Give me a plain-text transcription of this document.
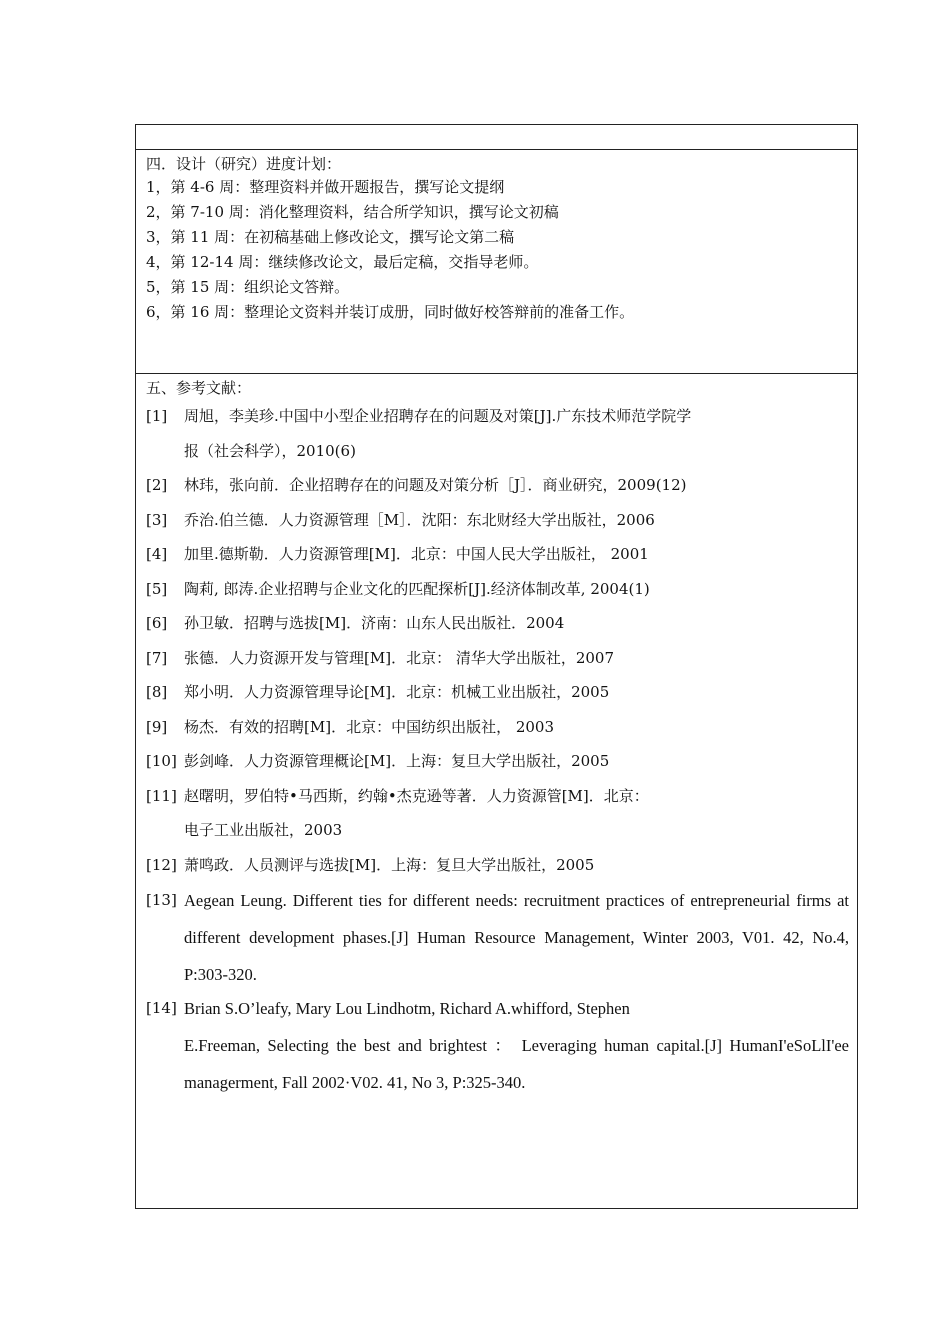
四．设计（研究）进度计划：
1，第 4-6 周：整理资料并做开题报告，撰写论文提纲
2，第 7-10 周：消化整理资料，结合所学知识，撰写论文初稿
3，第 11 周：在初稿基础上修改论文，撰写论文第二稿
4，第 12-14 周：继续修改论文，最后定稿，交指导老师。
5，第 15 周：组织论文答辩。
6，第 16 周：整理论文资料并装订成册，同时做好校答辩前的准备工作。
五、参考文献：
[1]	周旭，李美珍.中国中小型企业招聘存在的问题及对策[J].广东技术师范学院学
报（社会科学），2010(6)
[2]	林玮，张向前．企业招聘存在的问题及对策分析［J］．商业研究，2009(12)
[3]	乔治.伯兰德．人力资源管理［M］．沈阳：东北财经大学出版社，2006
[4]	加里.德斯勒．人力资源管理[M]．北京：中国人民大学出版社， 2001
[5]	陶莉, 郎涛.企业招聘与企业文化的匹配探析[J].经济体制改革, 2004(1)
[6]	孙卫敏．招聘与选拔[M]．济南：山东人民出版社．2004
[7]	张德．人力资源开发与管理[M]．北京： 清华大学出版社，2007
[8]	郑小明．人力资源管理导论[M]．北京：机械工业出版社，2005
[9]	杨杰．有效的招聘[M]．北京：中国纺织出版社， 2003
[10] 彭剑峰．人力资源管理概论[M]．上海：复旦大学出版社，2005
[11] 赵曙明，罗伯特•马西斯，约翰•杰克逊等著．人力资源管[M]．北京：
电子工业出版社，2003
[12] 萧鸣政．人员测评与选拔[M]．上海：复旦大学出版社，2005
[13] Aegean Leung. Different ties for different needs: recruitment practices of entrepreneurial firms at different development phases.[J] Human Resource Management, Winter 2003, V01. 42, No.4, P:303-320.
[14] Brian S.O’leafy, Mary Lou Lindhotm, Richard A.whifford, Stephen
E.Freeman, Selecting the best and brightest ： Leveraging human capital.[J] HumanI'eSoLlI'ee managerment, Fall 2002·V02. 41, No 3, P:325-340.
